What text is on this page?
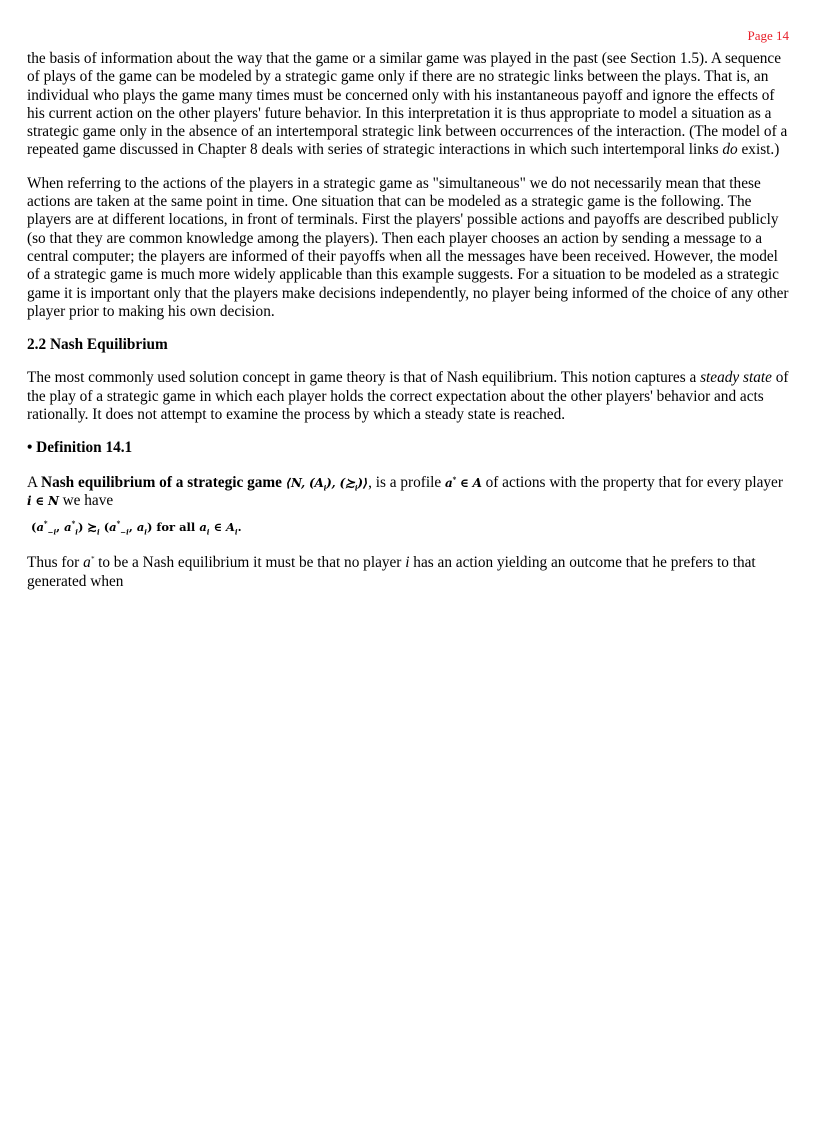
Page 14

the basis of information about the way that the game or a similar game was played in the past (see Section 1.5). A sequence of plays of the game can be modeled by a strategic game only if there are no strategic links between the plays. That is, an individual who plays the game many times must be concerned only with his instantaneous payoff and ignore the effects of his current action on the other players' future behavior. In this interpretation it is thus appropriate to model a situation as a strategic game only in the absence of an intertemporal strategic link between occurrences of the interaction. (The model of a repeated game discussed in Chapter 8 deals with series of strategic interactions in which such intertemporal links do exist.)

When referring to the actions of the players in a strategic game as "simultaneous" we do not necessarily mean that these actions are taken at the same point in time. One situation that can be modeled as a strategic game is the following. The players are at different locations, in front of terminals. First the players' possible actions and payoffs are described publicly (so that they are common knowledge among the players). Then each player chooses an action by sending a message to a central computer; the players are informed of their payoffs when all the messages have been received. However, the model of a strategic game is much more widely applicable than this example suggests. For a situation to be modeled as a strategic game it is important only that the players make decisions independently, no player being informed of the choice of any other player prior to making his own decision.

2.2 Nash Equilibrium

The most commonly used solution concept in game theory is that of Nash equilibrium. This notion captures a steady state of the play of a strategic game in which each player holds the correct expectation about the other players' behavior and acts rationally. It does not attempt to examine the process by which a steady state is reached.

• Definition 14.1

A Nash equilibrium of a strategic game ⟨N, $(A_i)$, $(≿_i)⟩$, is a profile a* ∈ A of actions with the property that for every player i ∈ N we have

($a^*_{-i}$, $a^*_i$) $≿_i$ ($a^*_{-i}$, $a_i$) for all $a_i$ ∈ $A_i$.

Thus for a* to be a Nash equilibrium it must be that no player i has an action yielding an outcome that he prefers to that generated when
